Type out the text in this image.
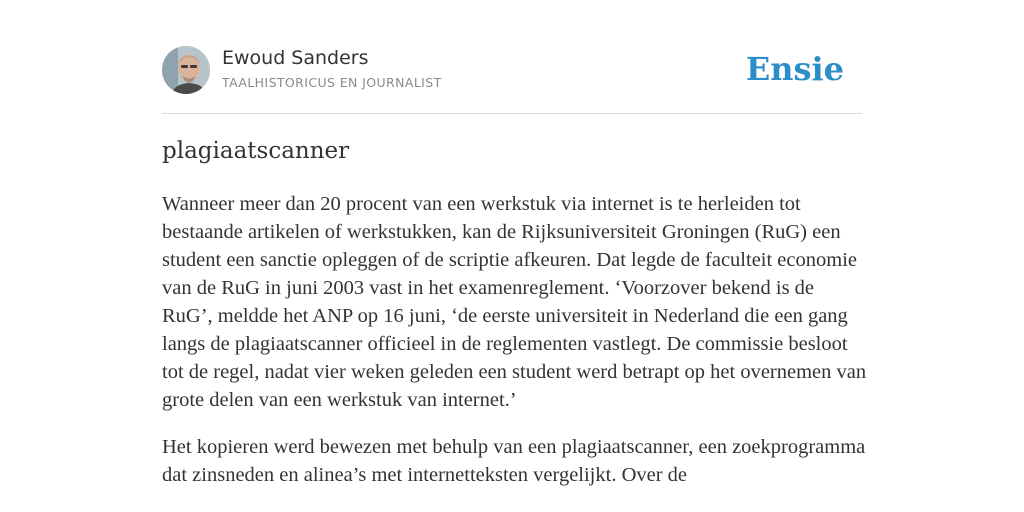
Ewoud Sanders
TAALHISTORICUS EN JOURNALIST	Ensie
plagiaatscanner

Wanneer meer dan 20 procent van een werkstuk via internet is te herleiden tot bestaande artikelen of werkstukken, kan de Rijksuniversiteit Groningen (RuG) een student een sanctie opleggen of de scriptie afkeuren. Dat legde de faculteit economie van de RuG in juni 2003 vast in het examenreglement. ‘Voorzover bekend is de RuG’, meldde het ANP op 16 juni, ‘de eerste universiteit in Nederland die een gang langs de plagiaatscanner officieel in de reglementen vastlegt. De commissie besloot tot de regel, nadat vier weken geleden een student werd betrapt op het overnemen van grote delen van een werkstuk van internet.’

Het kopieren werd bewezen met behulp van een plagiaatscanner, een zoekprogramma dat zinsneden en alinea’s met internetteksten vergelijkt. Over de
